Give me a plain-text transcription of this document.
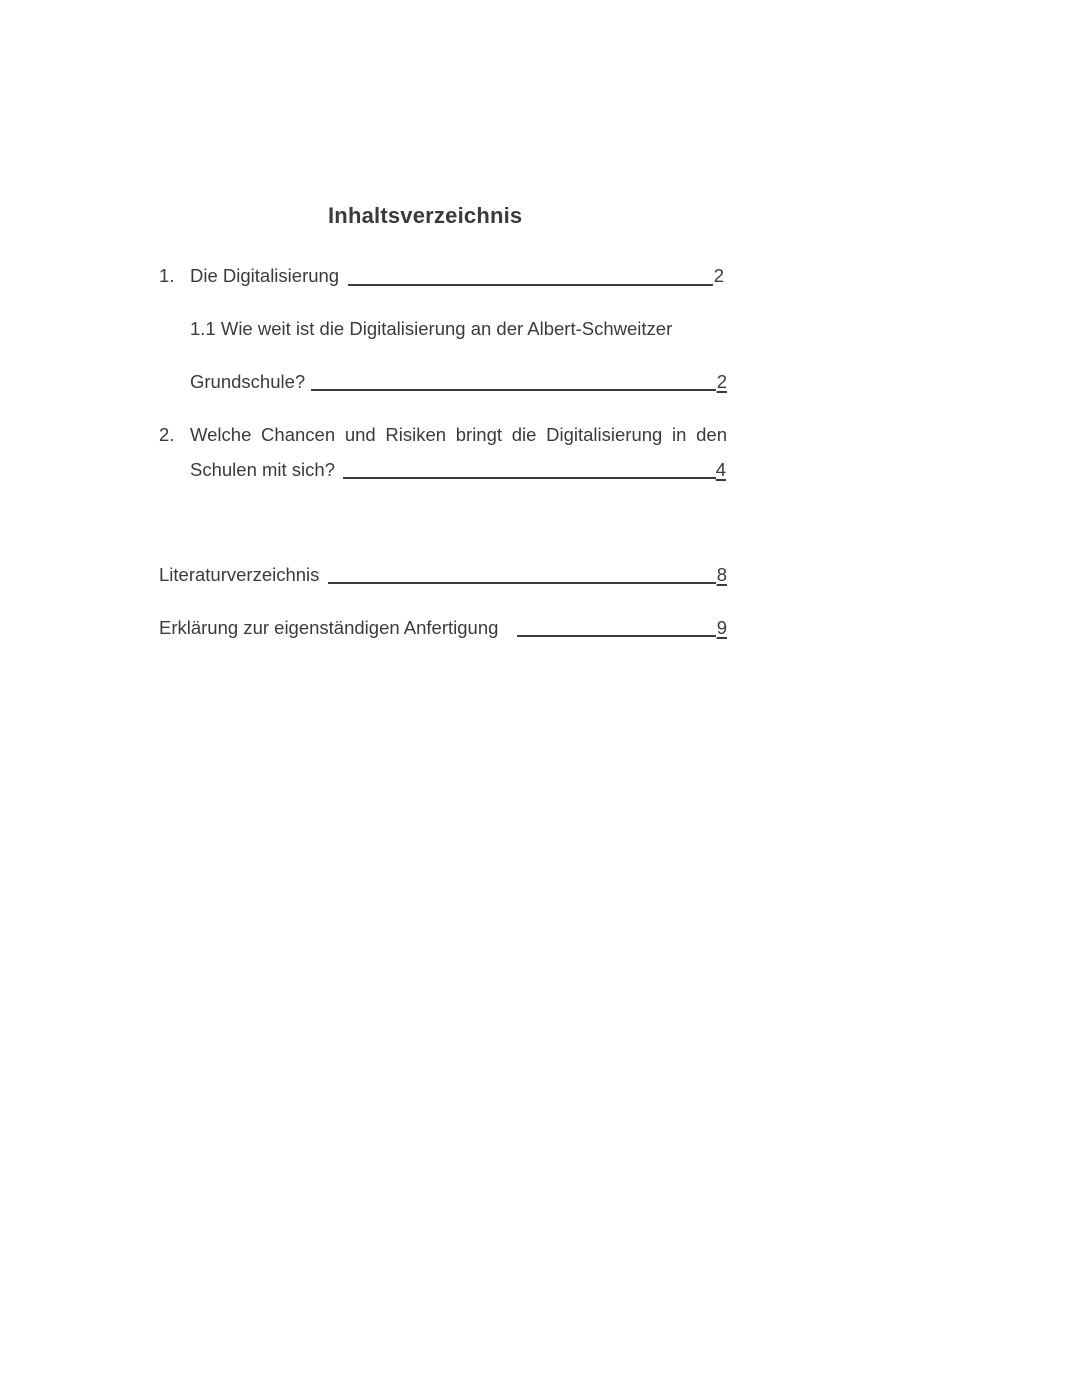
Inhaltsverzeichnis
1. Die Digitalisierung	2
1.1 Wie weit ist die Digitalisierung an der Albert-Schweitzer
Grundschule?	2
2. Welche Chancen und Risiken bringt die Digitalisierung in den
Schulen mit sich?	4
Literaturverzeichnis	8
Erklärung zur eigenständigen Anfertigung	9
